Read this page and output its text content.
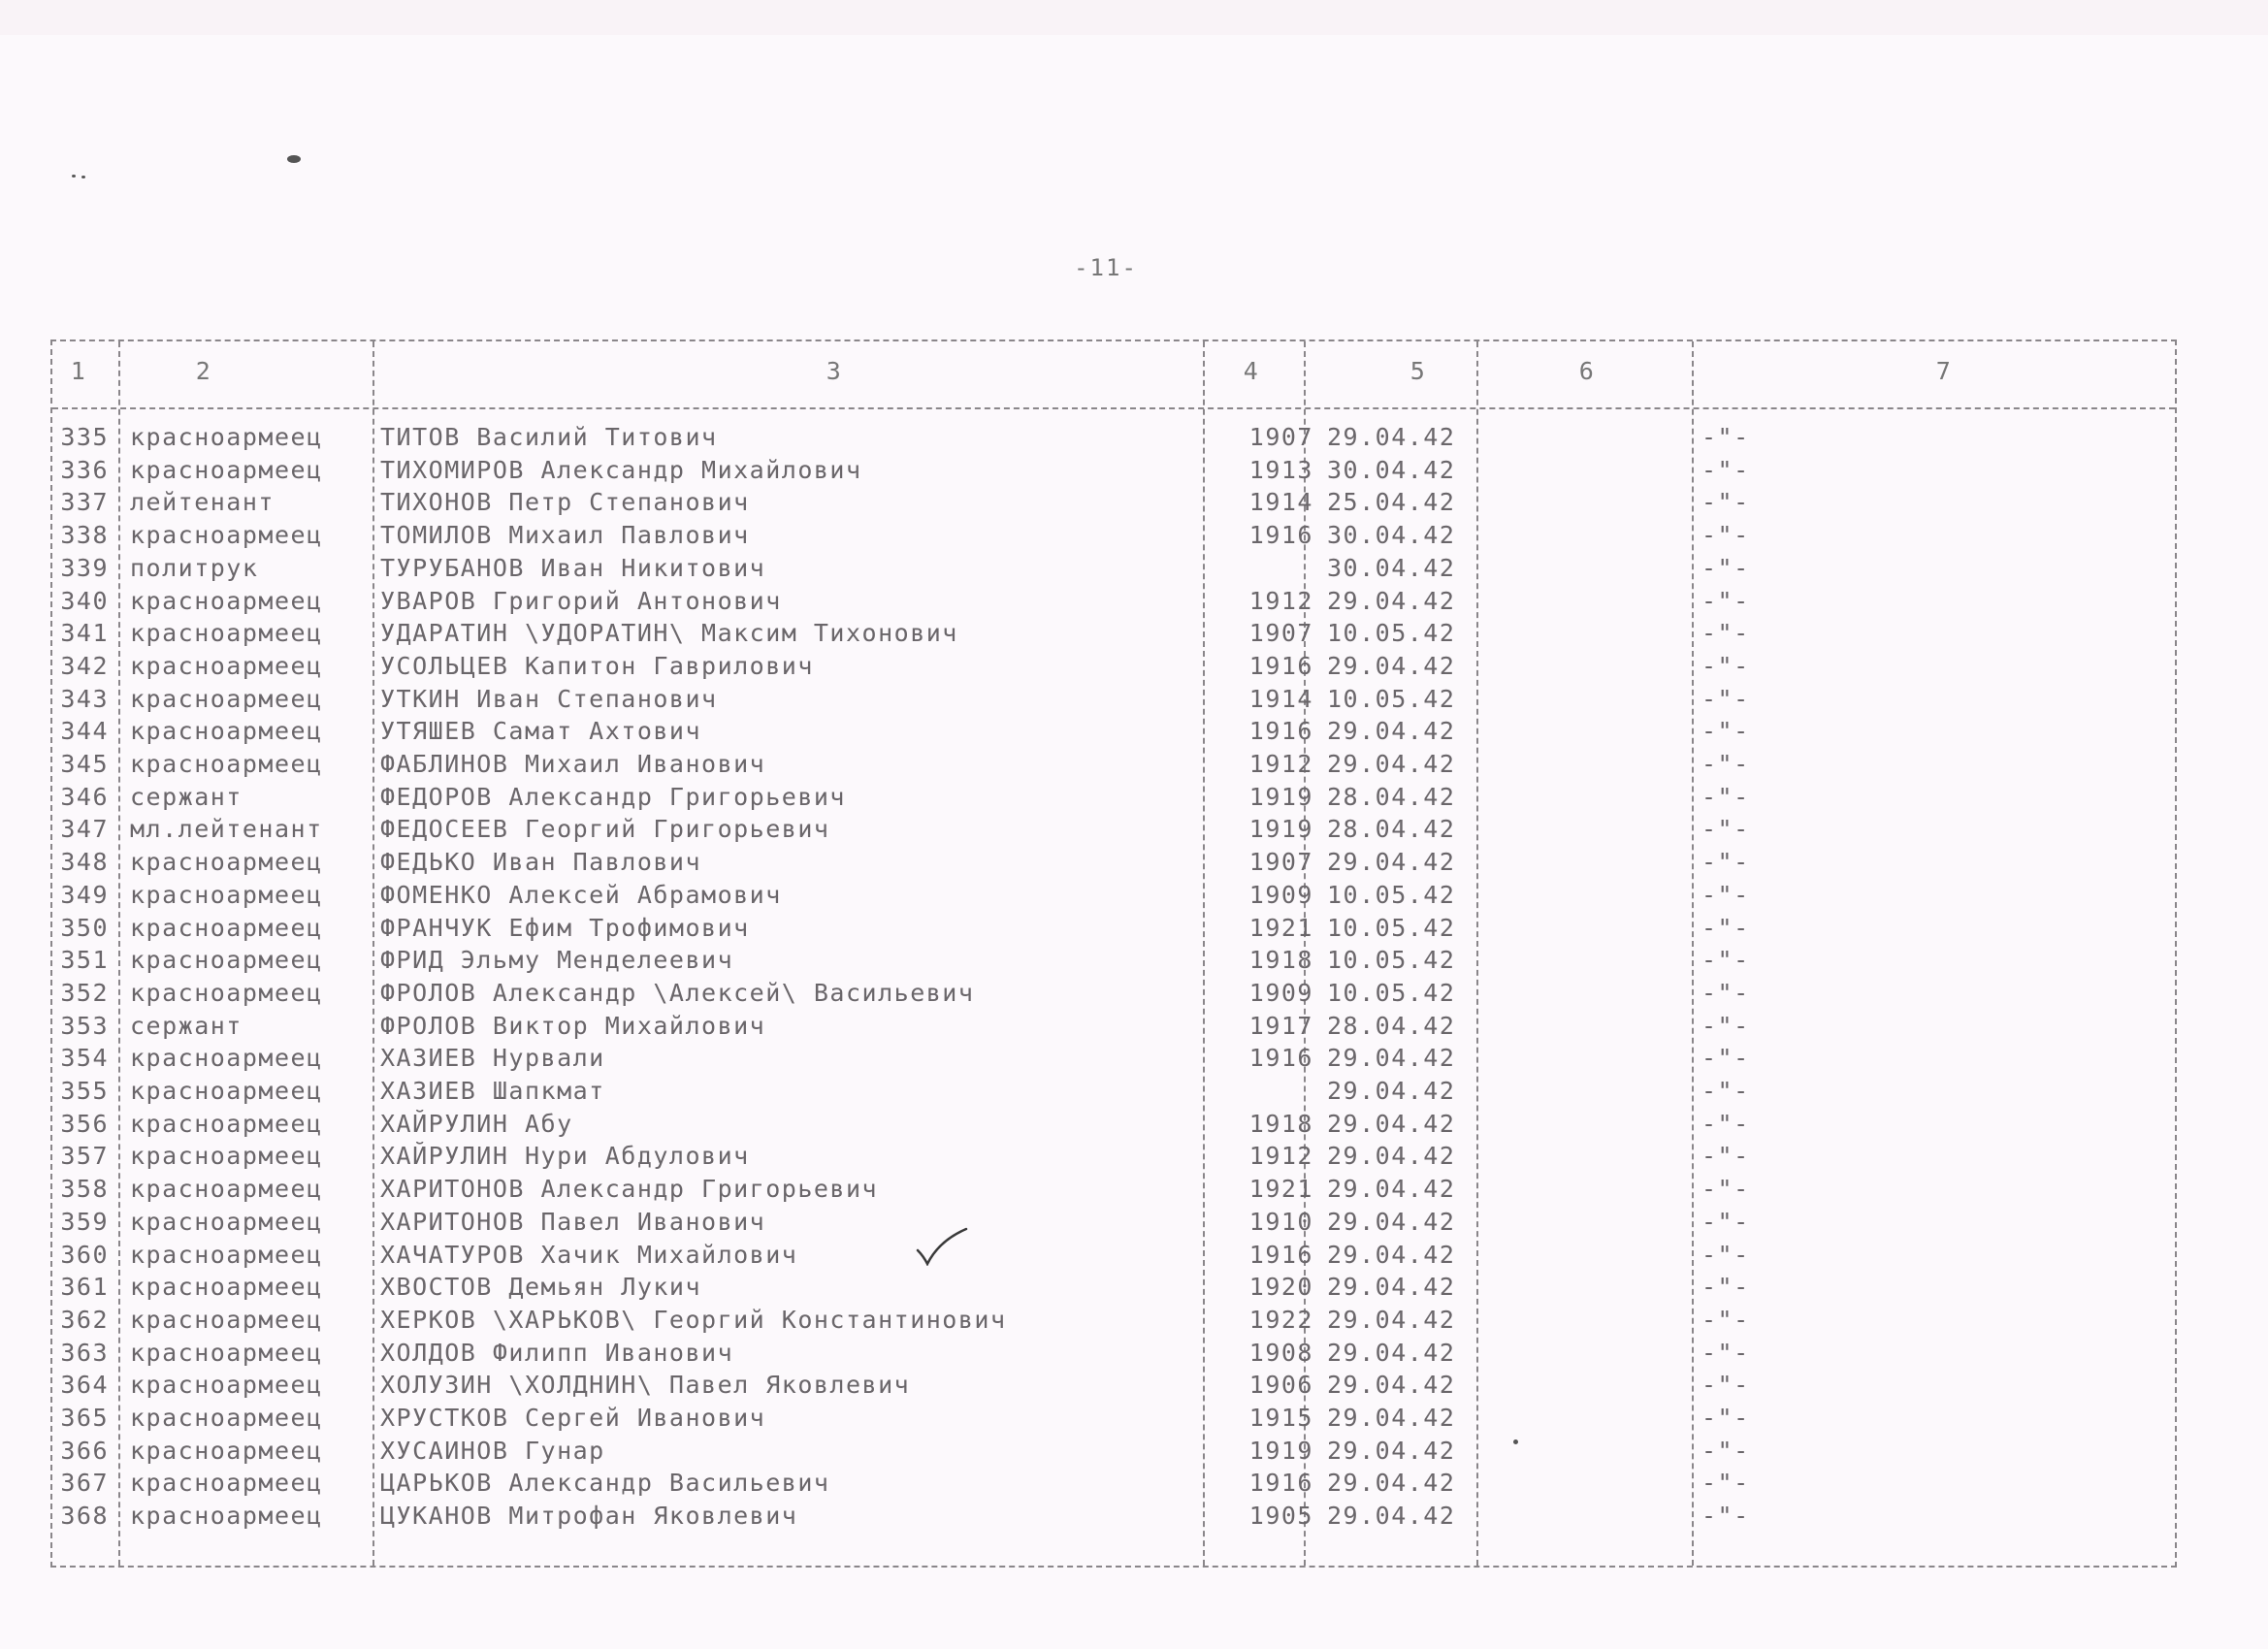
-11-
1	2	3	4	5	6	7
335 красноармеец	ТИТОВ Василий Титович	1907 29.04.42	-"-
336 красноармеец	ТИХОМИРОВ Александр Михайлович	1913 30.04.42	-"-
337 лейтенант	ТИХОНОВ Петр Степанович	1914 25.04.42	-"-
338 красноармеец	ТОМИЛОВ Михаил Павлович	1916 30.04.42	-"-
339 политрук	ТУРУБАНОВ Иван Никитович	30.04.42	-"-
340 красноармеец	УВАРОВ Григорий Антонович	1912 29.04.42	-"-
341 красноармеец	УДАРАТИН \УДОРАТИН\ Максим Тихонович	1907 10.05.42	-"-
342 красноармеец	УСОЛЬЦЕВ Капитон Гаврилович	1916 29.04.42	-"-
343 красноармеец	УТКИН Иван Степанович	1914 10.05.42	-"-
344 красноармеец	УТЯШЕВ Самат Ахтович	1916 29.04.42	-"-
345 красноармеец	ФАБЛИНОВ Михаил Иванович	1912 29.04.42	-"-
346 сержант	ФЕДОРОВ Александр Григорьевич	1919 28.04.42	-"-
347 мл.лейтенант	ФЕДОСЕЕВ Георгий Григорьевич	1919 28.04.42	-"-
348 красноармеец	ФЕДЬКО Иван Павлович	1907 29.04.42	-"-
349 красноармеец	ФОМЕНКО Алексей Абрамович	1909 10.05.42	-"-
350 красноармеец	ФРАНЧУК Ефим Трофимович	1921 10.05.42	-"-
351 красноармеец	ФРИД Эльму Менделеевич	1918 10.05.42	-"-
352 красноармеец	ФРОЛОВ Александр \Алексей\ Васильевич	1909 10.05.42	-"-
353 сержант	ФРОЛОВ Виктор Михайлович	1917 28.04.42	-"-
354 красноармеец	ХАЗИЕВ Нурвали	1916 29.04.42	-"-
355 красноармеец	ХАЗИЕВ Шапкмат	29.04.42	-"-
356 красноармеец	ХАЙРУЛИН Абу	1918 29.04.42	-"-
357 красноармеец	ХАЙРУЛИН Нури Абдулович	1912 29.04.42	-"-
358 красноармеец	ХАРИТОНОВ Александр Григорьевич	1921 29.04.42	-"-
359 красноармеец	ХАРИТОНОВ Павел Иванович	1910 29.04.42	-"-
360 красноармеец	ХАЧАТУРОВ Хачик Михайлович	1916 29.04.42	-"-
361 красноармеец	ХВОСТОВ Демьян Лукич	1920 29.04.42	-"-
362 красноармеец	ХЕРКОВ \ХАРЬКОВ\ Георгий Константинович	1922 29.04.42	-"-
363 красноармеец	ХОЛДОВ Филипп Иванович	1908 29.04.42	-"-
364 красноармеец	ХОЛУЗИН \ХОЛДНИН\ Павел Яковлевич	1906 29.04.42	-"-
365 красноармеец	ХРУСТКОВ Сергей Иванович	1915 29.04.42	-"-
366 красноармеец	ХУСАИНОВ Гунар	1919 29.04.42	-"-
367 красноармеец	ЦАРЬКОВ Александр Васильевич	1916 29.04.42	-"-
368 красноармеец	ЦУКАНОВ Митрофан Яковлевич	1905 29.04.42	-"-
